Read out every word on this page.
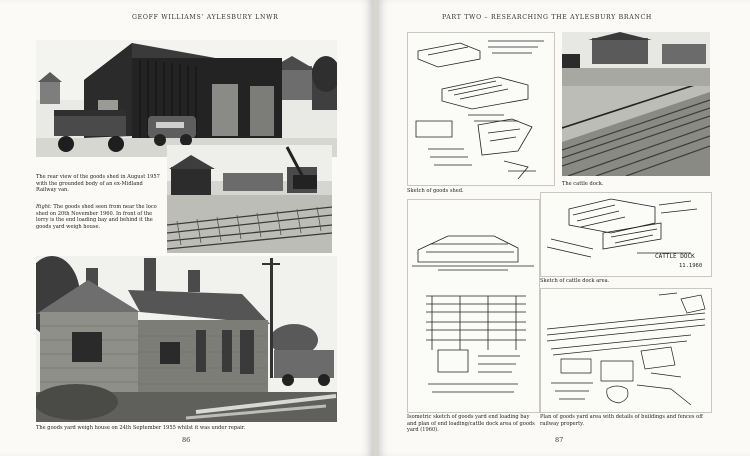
GEOFF WILLIAMS’ AYLESBURY LNWR
The rear view of the goods shed in August 1957 with the grounded body of an ex-Midland Railway van.
Right: The goods shed seen from near the loco shed on 20th November 1960. In front of the lorry is the end loading bay and behind it the goods yard weigh house.
The goods yard weigh house on 24th September 1955 whilst it was under repair.
86
PART TWO – RESEARCHING THE AYLESBURY BRANCH
Sketch of goods shed.
The cattle dock.
CATTLE DOCK
11.1960
Sketch of cattle dock area.
Isometric sketch of goods yard end loading bay and plan of end loading/cattle dock area of goods yard (1960).
Plan of goods yard area with details of buildings and fences off railway property.
87
